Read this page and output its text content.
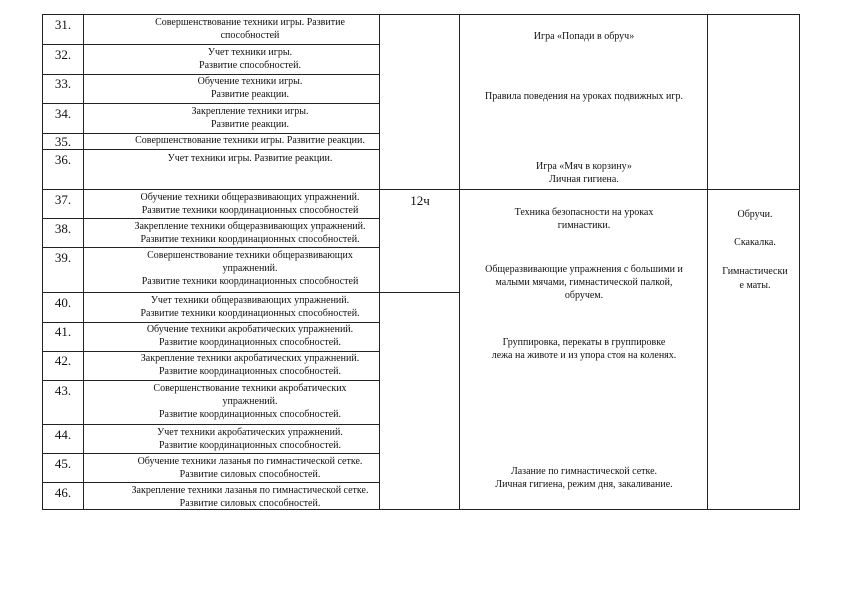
31.
32.
33.
34.
35.
36.
37.
38.
39.
40.
41.
42.
43.
44.
45.
46.
Совершенствование техники игры. Развитие
способностей
Учет техники игры.
Развитие способностей.
Обучение техники игры.
Развитие реакции.
Закрепление техники игры.
Развитие реакции.
Совершенствование техники игры. Развитие реакции.
Учет техники игры. Развитие реакции.
Обучение техники общеразвивающих упражнений.
Развитие техники координационных способностей
Закрепление техники общеразвивающих упражнений.
Развитие техники координационных способностей.
Совершенствование техники общеразвивающих
упражнений.
Развитие техники координационных способностей
Учет техники общеразвивающих упражнений.
Развитие техники координационных способностей.
Обучение техники акробатических упражнений.
Развитие координационных способностей.
Закрепление техники акробатических упражнений.
Развитие координационных способностей.
Совершенствование техники акробатических
упражнений.
Развитие координационных способностей.
Учет техники акробатических упражнений.
Развитие координационных способностей.
Обучение техники лазанья по гимнастической сетке.
Развитие силовых способностей.
Закрепление техники лазанья по гимнастической сетке.
Развитие силовых способностей.
12ч
Игра «Попади в обруч»
Правила поведения на уроках подвижных игр.
Игра «Мяч в корзину»
Личная гигиена.
Техника безопасности на уроках
гимнастики.
Общеразвивающие упражнения с большими и
малыми мячами, гимнастической палкой,
обручем.
Группировка, перекаты в группировке
лежа на животе и из упора стоя на коленях.
Лазание по гимнастической сетке.
Личная гигиена, режим дня, закаливание.
Обручи.
Скакалка.
Гимнастически
е маты.
